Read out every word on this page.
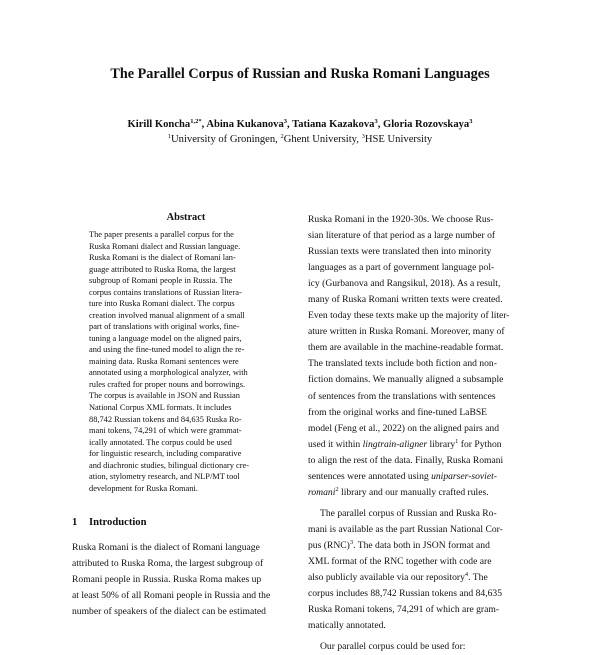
The Parallel Corpus of Russian and Ruska Romani Languages
Kirill Koncha$^{1,2*}$, Abina Kukanova$^3$, Tatiana Kazakova$^3$, Gloria Rozovskaya$^3$
$^1$University of Groningen, $^2$Ghent University, $^3$HSE University
Abstract
The paper presents a parallel corpus for the
Ruska Romani dialect and Russian language.
Ruska Romani is the dialect of Romani lan-
guage attributed to Ruska Roma, the largest
subgroup of Romani people in Russia. The
corpus contains translations of Russian litera-
ture into Ruska Romani dialect. The corpus
creation involved manual alignment of a small
part of translations with original works, fine-
tuning a language model on the aligned pairs,
and using the fine-tuned model to align the re-
maining data. Ruska Romani sentences were
annotated using a morphological analyzer, with
rules crafted for proper nouns and borrowings.
The corpus is available in JSON and Russian
National Corpus XML formats. It includes
88,742 Russian tokens and 84,635 Ruska Ro-
mani tokens, 74,291 of which were grammat-
ically annotated. The corpus could be used
for linguistic research, including comparative
and diachronic studies, bilingual dictionary cre-
ation, stylometry research, and NLP/MT tool
development for Ruska Romani.
1 Introduction
Ruska Romani is the dialect of Romani language
attributed to Ruska Roma, the largest subgroup of
Romani people in Russia. Ruska Roma makes up
at least 50% of all Romani people in Russia and the
number of speakers of the dialect can be estimated
Ruska Romani in the 1920-30s. We choose Rus-
sian literature of that period as a large number of
Russian texts were translated then into minority
languages as a part of government language pol-
icy (Gurbanova and Rangsikul, 2018). As a result,
many of Ruska Romani written texts were created.
Even today these texts make up the majority of liter-
ature written in Ruska Romani. Moreover, many of
them are available in the machine-readable format.
The translated texts include both fiction and non-
fiction domains. We manually aligned a subsample
of sentences from the translations with sentences
from the original works and fine-tuned LaBSE
model (Feng et al., 2022) on the aligned pairs and
used it within lingtrain-aligner library$^1$ for Python
to align the rest of the data. Finally, Ruska Romani
sentences were annotated using uniparser-soviet-
romani$^2$ library and our manually crafted rules.
The parallel corpus of Russian and Ruska Ro-
mani is available as the part Russian National Cor-
pus (RNC)$^3$. The data both in JSON format and
XML format of the RNC together with code are
also publicly available via our repository$^4$. The
corpus includes 88,742 Russian tokens and 84,635
Ruska Romani tokens, 74,291 of which are gram-
matically annotated.
Our parallel corpus could be used for:
